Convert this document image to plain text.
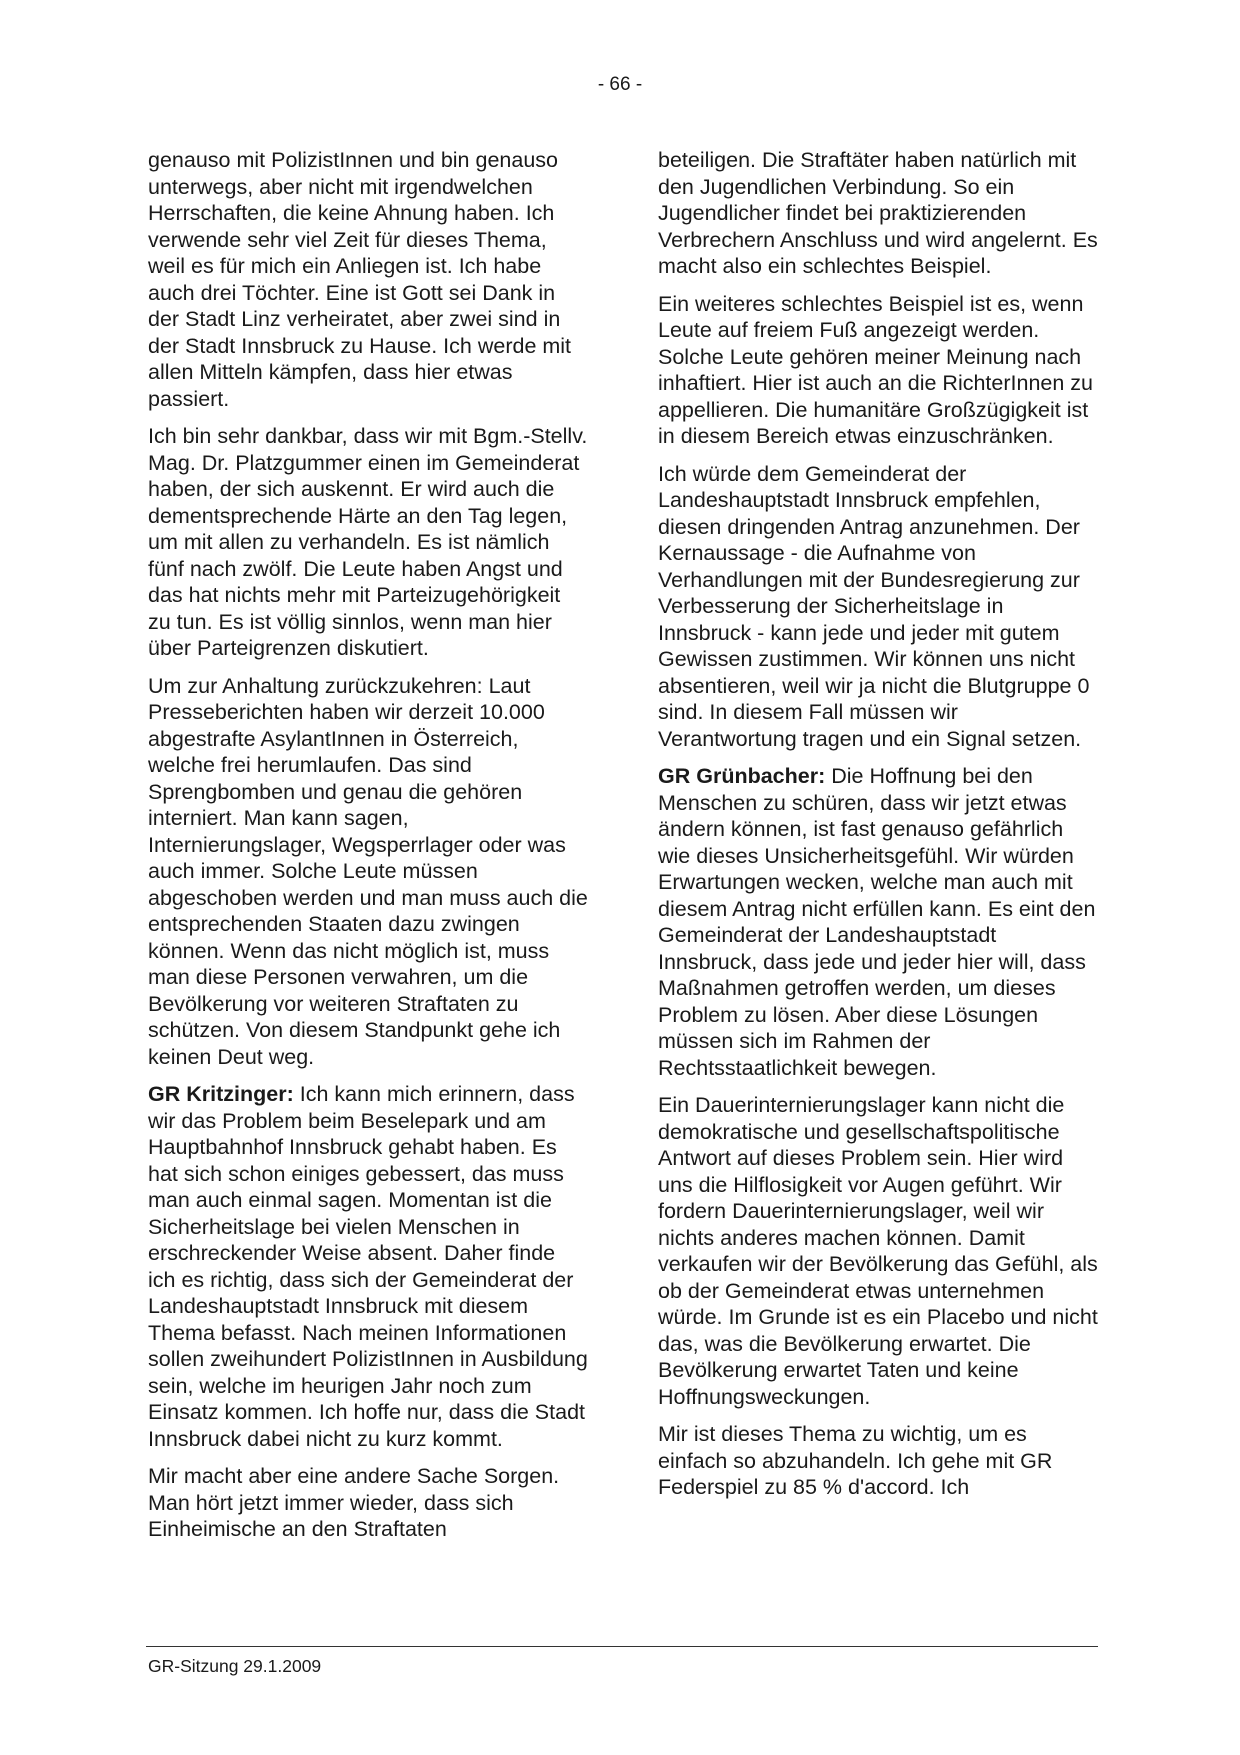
- 66 -

genauso mit PolizistInnen und bin genauso unterwegs, aber nicht mit irgendwelchen Herrschaften, die keine Ahnung haben. Ich verwende sehr viel Zeit für dieses Thema, weil es für mich ein Anliegen ist. Ich habe auch drei Töchter. Eine ist Gott sei Dank in der Stadt Linz verheiratet, aber zwei sind in der Stadt Innsbruck zu Hause. Ich werde mit allen Mitteln kämpfen, dass hier etwas passiert.

Ich bin sehr dankbar, dass wir mit Bgm.-Stellv. Mag. Dr. Platzgummer einen im Gemeinderat haben, der sich auskennt. Er wird auch die dementsprechende Härte an den Tag legen, um mit allen zu verhandeln. Es ist nämlich fünf nach zwölf. Die Leute haben Angst und das hat nichts mehr mit Parteizugehörigkeit zu tun. Es ist völlig sinnlos, wenn man hier über Parteigrenzen diskutiert.

Um zur Anhaltung zurückzukehren: Laut Presseberichten haben wir derzeit 10.000 abgestrafte AsylantInnen in Österreich, welche frei herumlaufen. Das sind Sprengbomben und genau die gehören interniert. Man kann sagen, Internierungslager, Wegsperrlager oder was auch immer. Solche Leute müssen abgeschoben werden und man muss auch die entsprechenden Staaten dazu zwingen können. Wenn das nicht möglich ist, muss man diese Personen verwahren, um die Bevölkerung vor weiteren Straftaten zu schützen. Von diesem Standpunkt gehe ich keinen Deut weg.

GR Kritzinger: Ich kann mich erinnern, dass wir das Problem beim Beselepark und am Hauptbahnhof Innsbruck gehabt haben. Es hat sich schon einiges gebessert, das muss man auch einmal sagen. Momentan ist die Sicherheitslage bei vielen Menschen in erschreckender Weise absent. Daher finde ich es richtig, dass sich der Gemeinderat der Landeshauptstadt Innsbruck mit diesem Thema befasst. Nach meinen Informationen sollen zweihundert PolizistInnen in Ausbildung sein, welche im heurigen Jahr noch zum Einsatz kommen. Ich hoffe nur, dass die Stadt Innsbruck dabei nicht zu kurz kommt.

Mir macht aber eine andere Sache Sorgen. Man hört jetzt immer wieder, dass sich Einheimische an den Straftaten

beteiligen. Die Straftäter haben natürlich mit den Jugendlichen Verbindung. So ein Jugendlicher findet bei praktizierenden Verbrechern Anschluss und wird angelernt. Es macht also ein schlechtes Beispiel.

Ein weiteres schlechtes Beispiel ist es, wenn Leute auf freiem Fuß angezeigt werden. Solche Leute gehören meiner Meinung nach inhaftiert. Hier ist auch an die RichterInnen zu appellieren. Die humanitäre Großzügigkeit ist in diesem Bereich etwas einzuschränken.

Ich würde dem Gemeinderat der Landeshauptstadt Innsbruck empfehlen, diesen dringenden Antrag anzunehmen. Der Kernaussage - die Aufnahme von Verhandlungen mit der Bundesregierung zur Verbesserung der Sicherheitslage in Innsbruck - kann jede und jeder mit gutem Gewissen zustimmen. Wir können uns nicht absentieren, weil wir ja nicht die Blutgruppe 0 sind. In diesem Fall müssen wir Verantwortung tragen und ein Signal setzen.

GR Grünbacher: Die Hoffnung bei den Menschen zu schüren, dass wir jetzt etwas ändern können, ist fast genauso gefährlich wie dieses Unsicherheitsgefühl. Wir würden Erwartungen wecken, welche man auch mit diesem Antrag nicht erfüllen kann. Es eint den Gemeinderat der Landeshauptstadt Innsbruck, dass jede und jeder hier will, dass Maßnahmen getroffen werden, um dieses Problem zu lösen. Aber diese Lösungen müssen sich im Rahmen der Rechtsstaatlichkeit bewegen.

Ein Dauerinternierungslager kann nicht die demokratische und gesellschaftspolitische Antwort auf dieses Problem sein. Hier wird uns die Hilflosigkeit vor Augen geführt. Wir fordern Dauerinternierungslager, weil wir nichts anderes machen können. Damit verkaufen wir der Bevölkerung das Gefühl, als ob der Gemeinderat etwas unternehmen würde. Im Grunde ist es ein Placebo und nicht das, was die Bevölkerung erwartet. Die Bevölkerung erwartet Taten und keine Hoffnungsweckungen.

Mir ist dieses Thema zu wichtig, um es einfach so abzuhandeln. Ich gehe mit GR Federspiel zu 85 % d'accord. Ich

GR-Sitzung 29.1.2009
